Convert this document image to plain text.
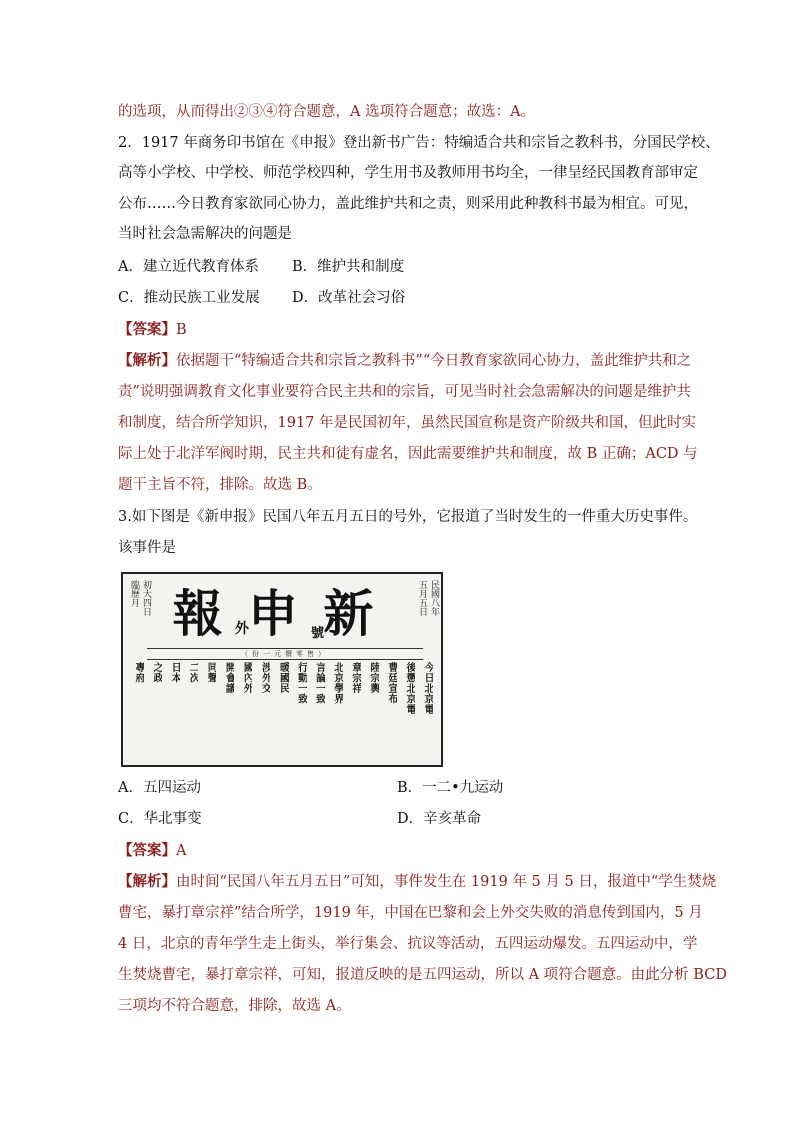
的选项，从而得出②③④符合题意，A 选项符合题意；故选：A。
2．1917 年商务印书馆在《申报》登出新书广告：特编适合共和宗旨之教科书，分国民学校、
高等小学校、中学校、师范学校四种，学生用书及教师用书均全，一律呈经民国教育部审定
公布……今日教育家欲同心协力，盖此维护共和之责，则采用此种教科书最为相宜。可见，
当时社会急需解决的问题是
A．建立近代教育体系 B．维护共和制度
C．推动民族工业发展 D．改革社会习俗
【答案】B
【解析】依据题干“特编适合共和宗旨之教科书”“今日教育家欲同心协力，盖此维护共和之
责”说明强调教育文化事业要符合民主共和的宗旨，可见当时社会急需解决的问题是维护共
和制度，结合所学知识，1917 年是民国初年，虽然民国宣称是资产阶级共和国，但此时实
际上处于北洋军阀时期，民主共和徒有虚名，因此需要维护共和制度，故 B 正确；ACD 与
题干主旨不符，排除。故选 B。
3.如下图是《新申报》民国八年五月五日的号外，它报道了当时发生的一件重大历史事件。
该事件是
臨歷月 初大四日 報 申 新
外	號
五月五日 民國八年
（份一元價零售）
今日北京電
後懲北京電
曹廷宣布
陸宗輿
章宗祥
北京學界
言論一致
行動一致
暖國民
涉外交
國內外
開會議
同聲
二次
日本
之政
專府
A．五四运动	B．一二•九运动
C．华北事变	D．辛亥革命
【答案】A
【解析】由时间“民国八年五月五日”可知，事件发生在 1919 年 5 月 5 日，报道中“学生焚烧
曹宅，暴打章宗祥”结合所学，1919 年，中国在巴黎和会上外交失败的消息传到国内，5 月
4 日，北京的青年学生走上街头，举行集会、抗议等活动，五四运动爆发。五四运动中，学
生焚烧曹宅，暴打章宗祥，可知，报道反映的是五四运动，所以 A 项符合题意。由此分析 BCD
三项均不符合题意，排除，故选 A。
